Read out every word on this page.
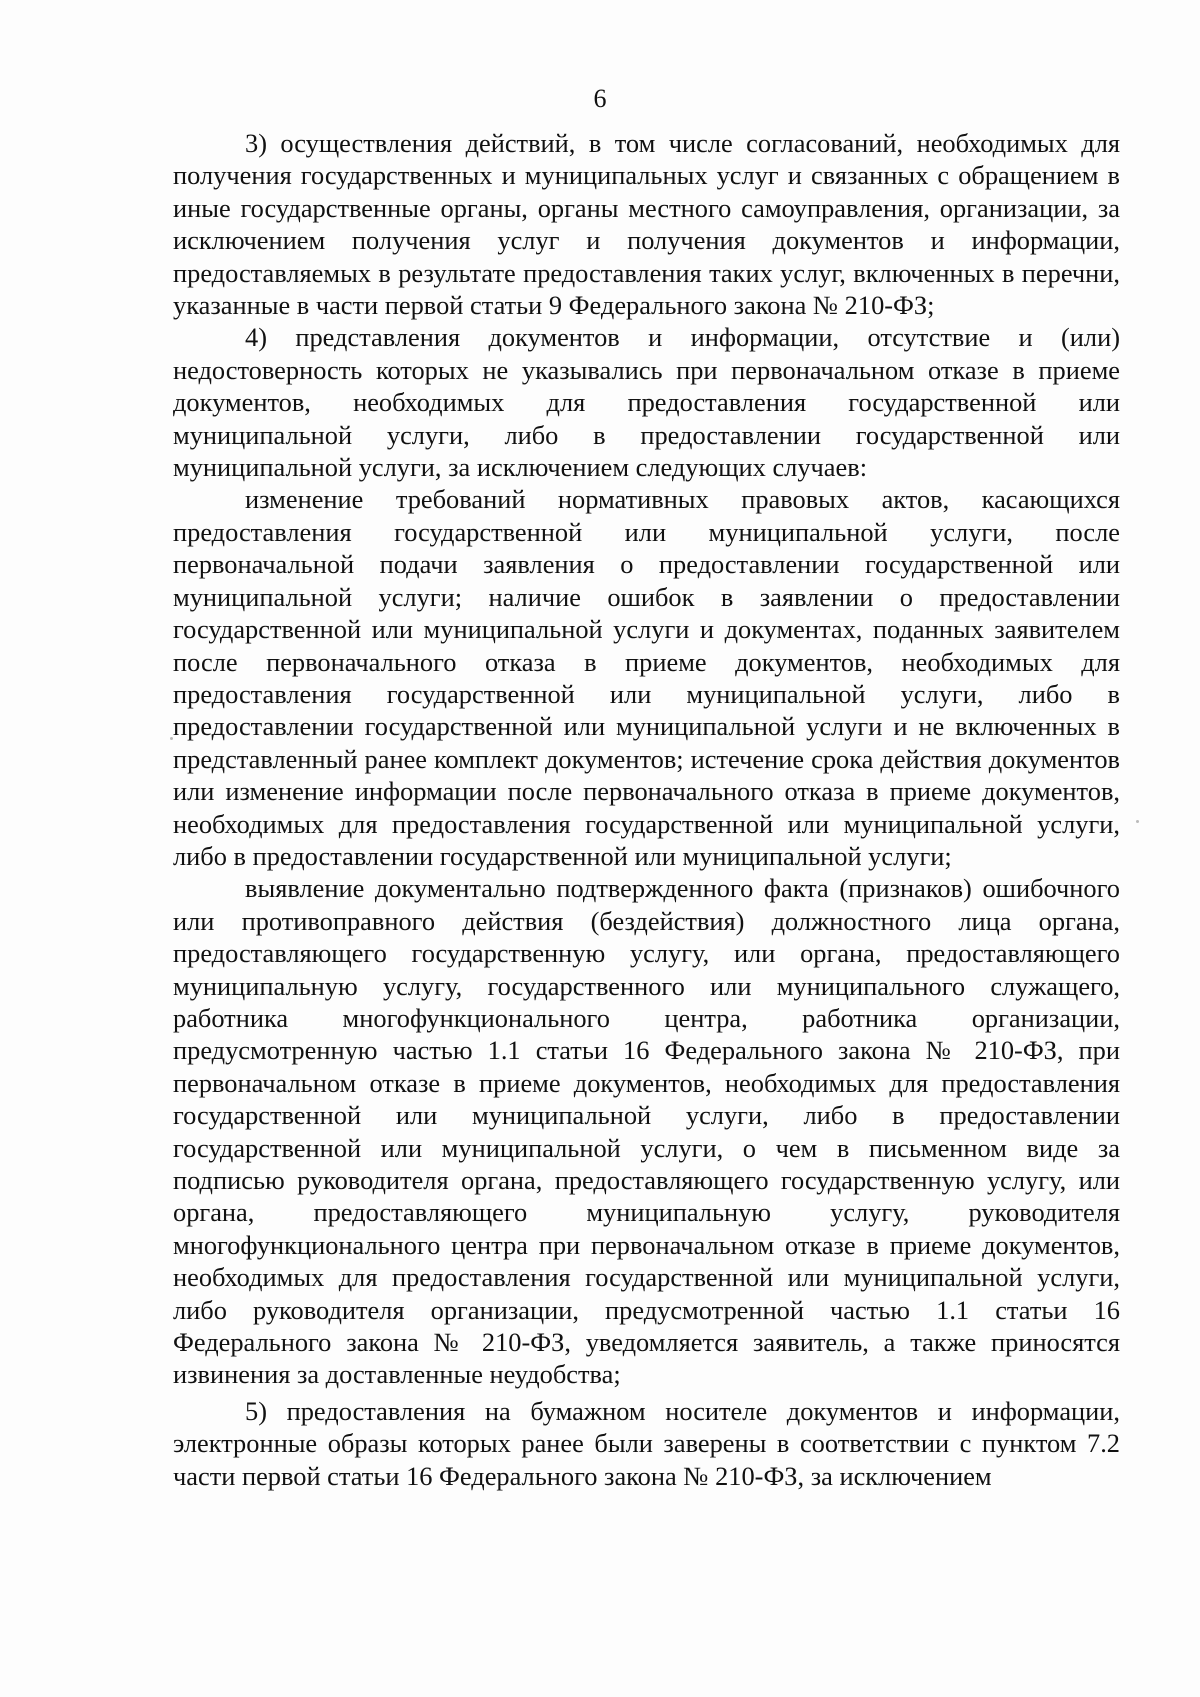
6

3) осуществления действий, в том числе согласований, необходимых для получения государственных и муниципальных услуг и связанных с обращением в иные государственные органы, органы местного самоуправления, организации, за исключением получения услуг и получения документов и информации, предоставляемых в результате предоставления таких услуг, включенных в перечни, указанные в части первой статьи 9 Федерального закона № 210-ФЗ;

4) представления документов и информации, отсутствие и (или) недостоверность которых не указывались при первоначальном отказе в приеме документов, необходимых для предоставления государственной или муниципальной услуги, либо в предоставлении государственной или муниципальной услуги, за исключением следующих случаев:

изменение требований нормативных правовых актов, касающихся предоставления государственной или муниципальной услуги, после первоначальной подачи заявления о предоставлении государственной или муниципальной услуги; наличие ошибок в заявлении о предоставлении государственной или муниципальной услуги и документах, поданных заявителем после первоначального отказа в приеме документов, необходимых для предоставления государственной или муниципальной услуги, либо в предоставлении государственной или муниципальной услуги и не включенных в представленный ранее комплект документов; истечение срока действия документов или изменение информации после первоначального отказа в приеме документов, необходимых для предоставления государственной или муниципальной услуги, либо в предоставлении государственной или муниципальной услуги;

выявление документально подтвержденного факта (признаков) ошибочного или противоправного действия (бездействия) должностного лица органа, предоставляющего государственную услугу, или органа, предоставляющего муниципальную услугу, государственного или муниципального служащего, работника многофункционального центра, работника организации, предусмотренную частью 1.1 статьи 16 Федерального закона № 210-ФЗ, при первоначальном отказе в приеме документов, необходимых для предоставления государственной или муниципальной услуги, либо в предоставлении государственной или муниципальной услуги, о чем в письменном виде за подписью руководителя органа, предоставляющего государственную услугу, или органа, предоставляющего муниципальную услугу, руководителя многофункционального центра при первоначальном отказе в приеме документов, необходимых для предоставления государственной или муниципальной услуги, либо руководителя организации, предусмотренной частью 1.1 статьи 16 Федерального закона № 210-ФЗ, уведомляется заявитель, а также приносятся извинения за доставленные неудобства;

5) предоставления на бумажном носителе документов и информации, электронные образы которых ранее были заверены в соответствии с пунктом 7.2 части первой статьи 16 Федерального закона № 210-ФЗ, за исключением
